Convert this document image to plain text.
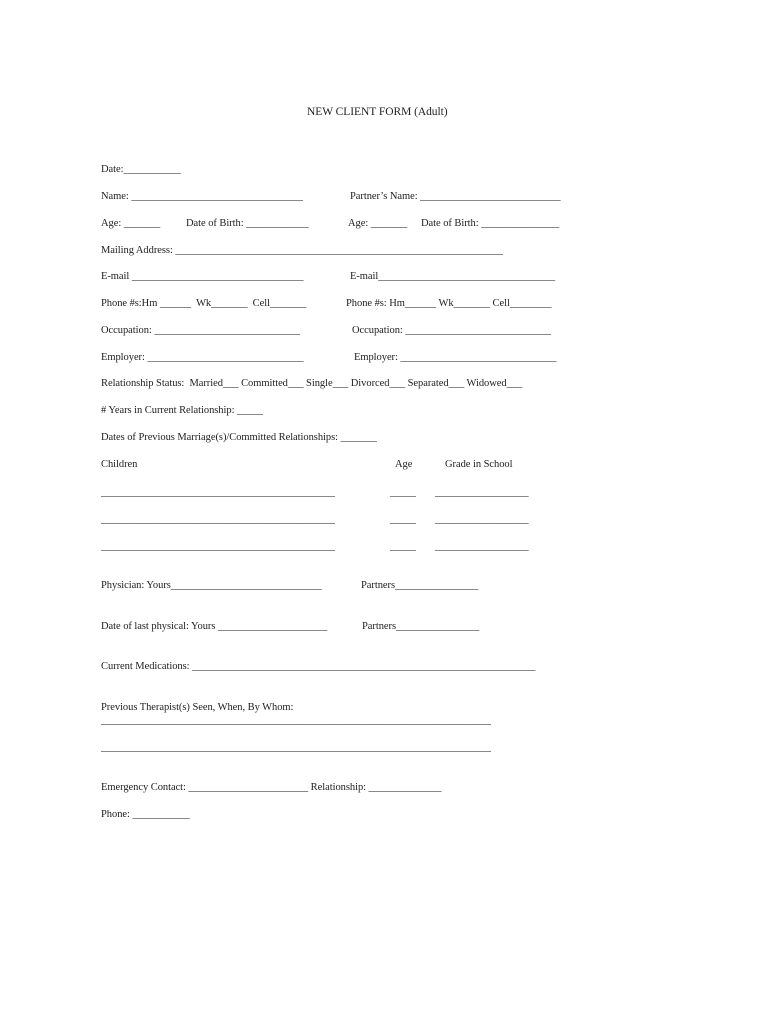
NEW CLIENT FORM (Adult)
Date:___________
Name: _________________________________	Partner’s Name: ___________________________
Age: _______ Date of Birth: ____________	Age: _______ Date of Birth: _______________
Mailing Address: _______________________________________________________________
E-mail _________________________________	E-mail__________________________________
Phone #s:Hm ______  Wk_______  Cell_______	Phone #s: Hm______ Wk_______ Cell________
Occupation: ____________________________	Occupation: ____________________________
Employer: ______________________________	Employer: ______________________________
Relationship Status:  Married___ Committed___ Single___ Divorced___ Separated___ Widowed___
# Years in Current Relationship: _____
Dates of Previous Marriage(s)/Committed Relationships: _______
Children	Age	Grade in School
_____________________________________________	_____ __________________
_____________________________________________	_____ __________________
_____________________________________________	_____ __________________
Physician: Yours_____________________________	Partners________________
Date of last physical: Yours _____________________	Partners________________
Current Medications: __________________________________________________________________
Previous Therapist(s) Seen, When, By Whom:
___________________________________________________________________________
___________________________________________________________________________
Emergency Contact: _______________________ Relationship: ______________
Phone: ___________
